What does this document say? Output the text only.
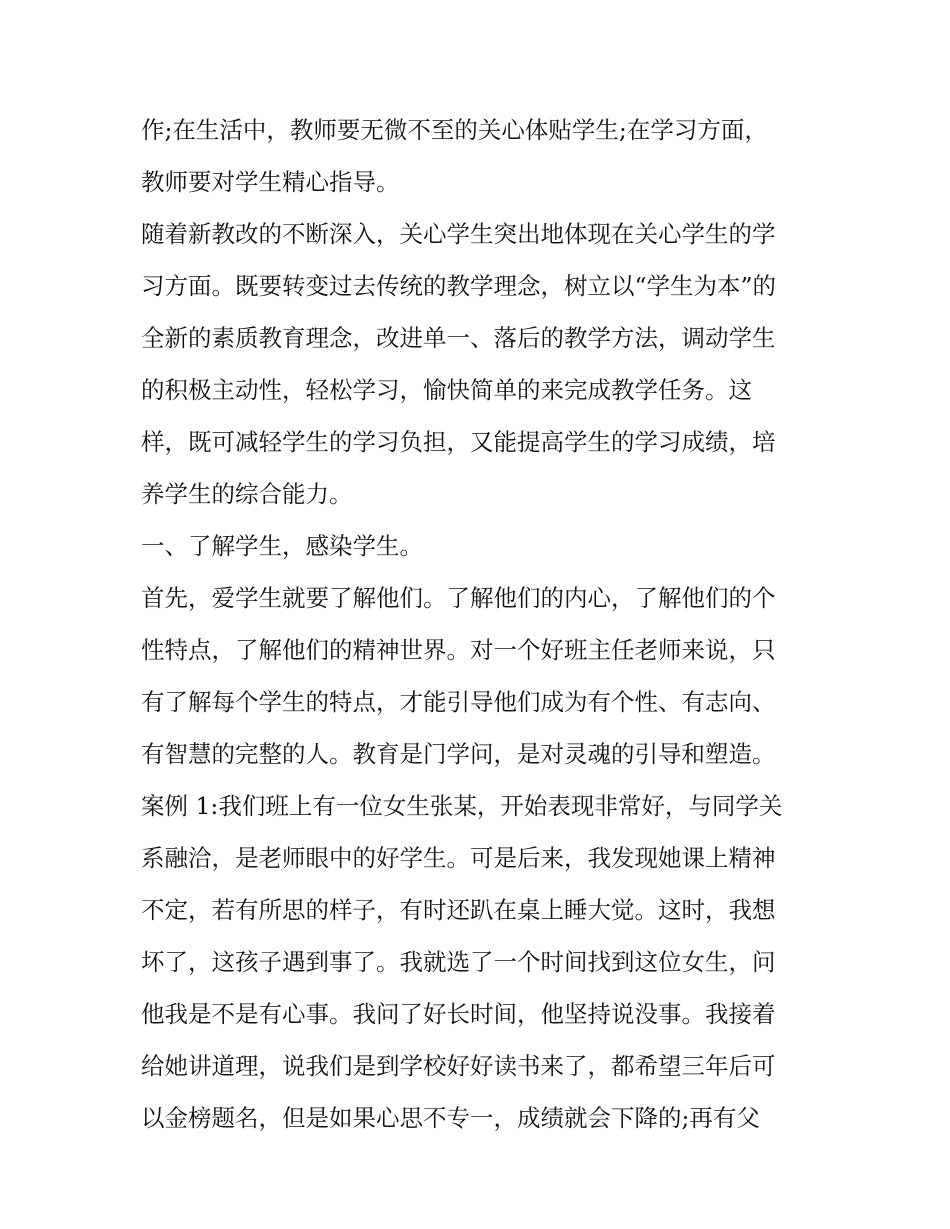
作;在生活中，教师要无微不至的关心体贴学生;在学习方面，
教师要对学生精心指导。
随着新教改的不断深入，关心学生突出地体现在关心学生的学
习方面。既要转变过去传统的教学理念，树立以“学生为本”的
全新的素质教育理念，改进单一、落后的教学方法，调动学生
的积极主动性，轻松学习，愉快简单的来完成教学任务。这
样，既可减轻学生的学习负担，又能提高学生的学习成绩，培
养学生的综合能力。
一、了解学生，感染学生。
首先，爱学生就要了解他们。了解他们的内心，了解他们的个
性特点，了解他们的精神世界。对一个好班主任老师来说，只
有了解每个学生的特点，才能引导他们成为有个性、有志向、
有智慧的完整的人。教育是门学问，是对灵魂的引导和塑造。
案例 1:我们班上有一位女生张某，开始表现非常好，与同学关
系融洽，是老师眼中的好学生。可是后来，我发现她课上精神
不定，若有所思的样子，有时还趴在桌上睡大觉。这时，我想
坏了，这孩子遇到事了。我就选了一个时间找到这位女生，问
他我是不是有心事。我问了好长时间，他坚持说没事。我接着
给她讲道理，说我们是到学校好好读书来了，都希望三年后可
以金榜题名，但是如果心思不专一，成绩就会下降的;再有父
